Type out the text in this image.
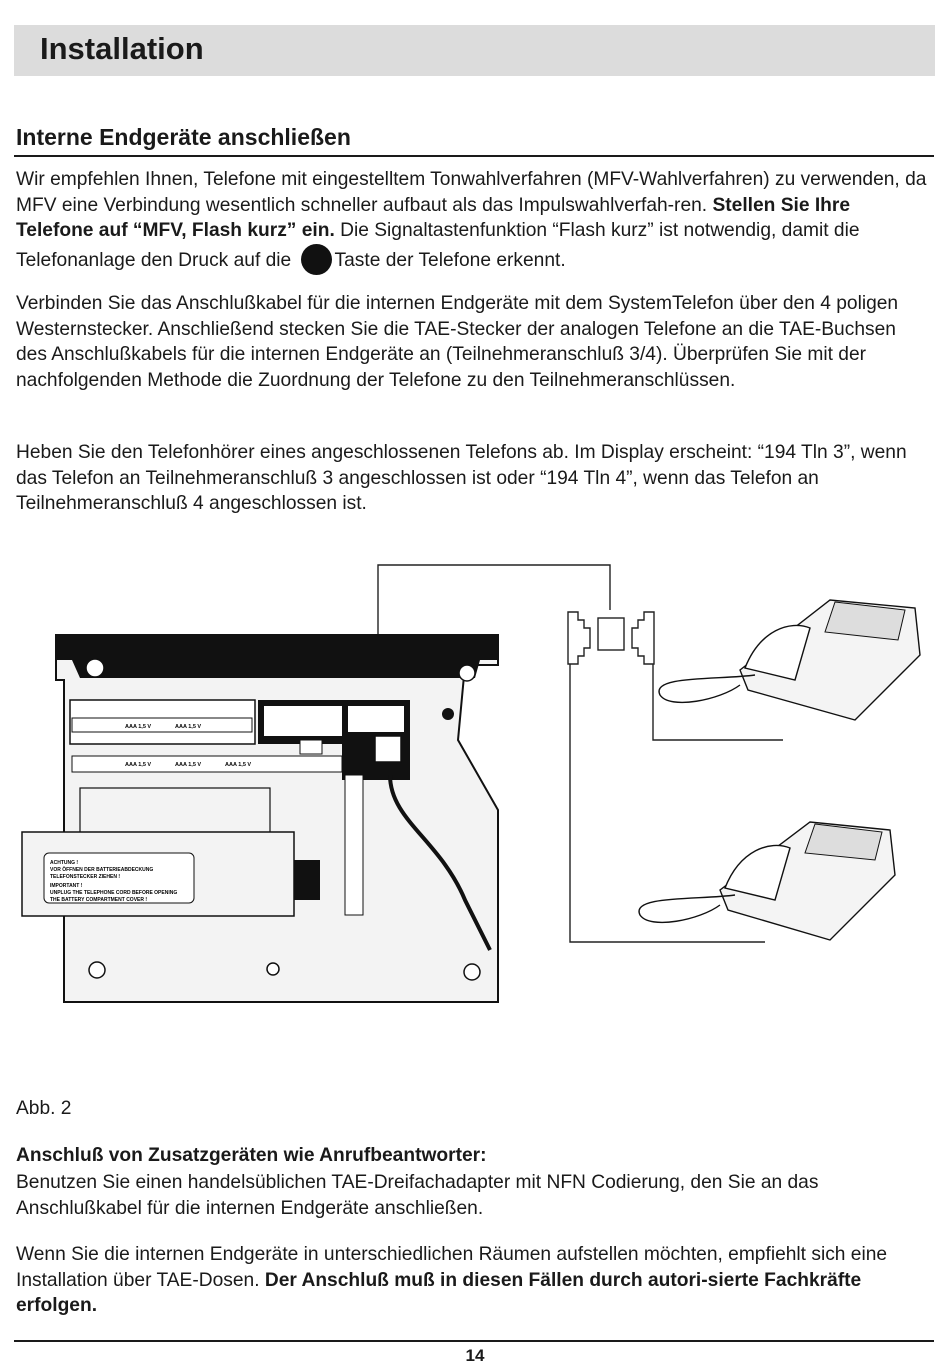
Installation
Interne Endgeräte anschließen

Wir empfehlen Ihnen, Telefone mit eingestelltem Tonwahlverfahren (MFV-Wahlverfahren) zu verwenden, da MFV eine Verbindung wesentlich schneller aufbaut als das Impulswahlverfah-ren. Stellen Sie Ihre Telefone auf “MFV, Flash kurz” ein. Die Signaltastenfunktion “Flash kurz” ist notwendig, damit die Telefonanlage den Druck auf die Taste der Telefone erkennt.

Verbinden Sie das Anschlußkabel für die internen Endgeräte mit dem SystemTelefon über den 4 poligen Westernstecker. Anschließend stecken Sie die TAE-Stecker der analogen Telefone an die TAE-Buchsen des Anschlußkabels für die internen Endgeräte an (Teilnehmeranschluß 3/4). Überprüfen Sie mit der nachfolgenden Methode die Zuordnung der Telefone zu den Teilnehmeranschlüssen.

Heben Sie den Telefonhörer eines angeschlossenen Telefons ab. Im Display erscheint: “194 Tln 3”, wenn das Telefon an Teilnehmeranschluß 3 angeschlossen ist oder “194 Tln 4”, wenn das Telefon an Teilnehmeranschluß 4 angeschlossen ist.

ACHTUNG !
VOR ÖFFNEN DER BATTERIEABDECKUNG
TELEFONSTECKER ZIEHEN !
IMPORTANT !
UNPLUG THE TELEPHONE CORD BEFORE OPENING
THE BATTERY COMPARTMENT COVER !
AAA 1,5 V	AAA 1,5 V
AAA 1,5 V	AAA 1,5 V	AAA 1,5 V
Abb. 2
Anschluß von Zusatzgeräten wie Anrufbeantworter:

Benutzen Sie einen handelsüblichen TAE-Dreifachadapter mit NFN Codierung, den Sie an das Anschlußkabel für die internen Endgeräte anschließen.

Wenn Sie die internen Endgeräte in unterschiedlichen Räumen aufstellen möchten, empfiehlt sich eine Installation über TAE-Dosen. Der Anschluß muß in diesen Fällen durch autori-sierte Fachkräfte erfolgen.

14
